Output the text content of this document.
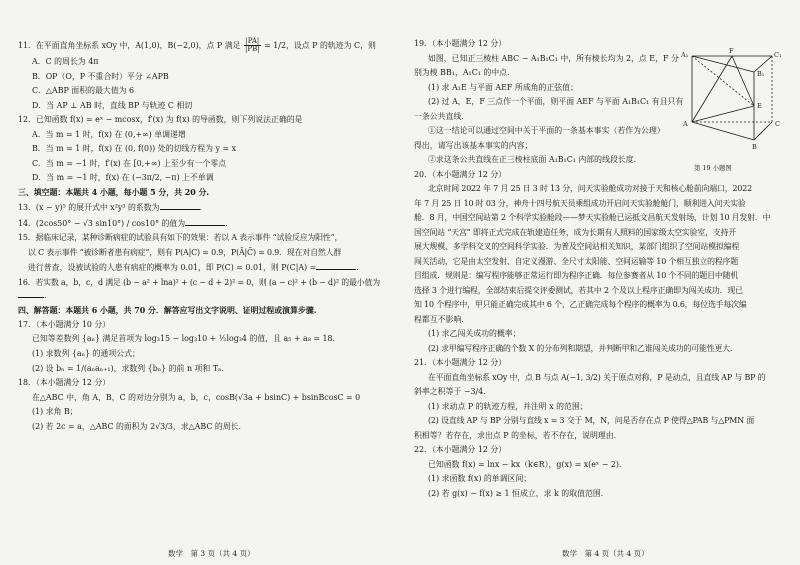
11．在平面直角坐标系 xOy 中，A(1,0)，B(−2,0)，点 P 满足 $\frac{|PA|}{|PB|} = 1/2$，设点 P 的轨迹为 C，则

A．C 的周长为 4π

B．OP（O，P 不重合时）平分 ∠APB

C．△ABP 面积的最大值为 6

D．当 AP ⊥ AB 时，直线 BP 与轨迹 C 相切

12．已知函数 f(x) = eˣ − mcosx，f′(x) 为 f(x) 的导函数，则下列说法正确的是

A．当 m = 1 时，f(x) 在 (0,+∞) 单调递增

B．当 m = 1 时，f(x) 在 (0, f(0)) 处的切线方程为 y = x

C．当 m = −1 时，f′(x) 在 [0,+∞) 上至少有一个零点

D．当 m = −1 时，f(x) 在 (−3π/2, −π) 上不单调

三、填空题：本题共 4 小题，每小题 5 分，共 20 分.

13．(x − y)⁵ 的展开式中 x²y³ 的系数为	.

14．(2cos50° − √3 sin10°) / cos10° 的值为	.

15．据临床记录，某种诊断病症的试验具有如下的效果：若以 A 表示事件 “试验反应为阳性”，

以 C 表示事件 “被诊断者患有病症”，则有 P(A|C) = 0.9，P(Ā|C̄) = 0.9．现在对自然人群

进行普查，设被试验的人患有病症的概率为 0.01，即 P(C) = 0.01，则 P(C|A) =	.

16．若实数 a，b，c，d 满足 (b − a² + lna)² + (c − d + 2)² = 0，则 (a − c)² + (b − d)² 的最小值为.

四、解答题：本题共 6 小题，共 70 分．解答应写出文字说明、证明过程或演算步骤.

17．（本小题满分 10 分）

已知等差数列 {aₙ} 满足首项为 log₃15 − log₃10 + ½log₃4 的值，且 a₅ + a₈ = 18．

(1) 求数列 {aₙ} 的通项公式；

(2) 设 bₙ = 1/(aₙaₙ₊₁)，求数列 {bₙ} 的前 n 项和 Tₙ．

18．（本小题满分 12 分）

在△ABC 中，角 A，B，C 的对边分别为 a，b，c，cosB(√3a + bsinC) + bsinBcosC = 0

(1) 求角 B；

(2) 若 2c = a，△ABC 的面积为 2√3/3，求△ABC 的周长．

19．（本小题满分 12 分）

如图，已知正三棱柱 ABC − A₁B₁C₁ 中，所有棱长均为 2，点 E，F 分

别为棱 BB₁，A₁C₁ 的中点．

(1) 求 A₁E 与平面 AEF 所成角的正弦值；

(2) 过 A，E，F 三点作一个平面，则平面 AEF 与平面 A₁B₁C₁ 有且只有

一条公共直线．

①这一结论可以通过空间中关于平面的一条基本事实（若作为公理）

得出，请写出该基本事实的内容；

②求这条公共直线在正三棱柱底面 A₁B₁C₁ 内部的线段长度．

20．（本小题满分 12 分）

北京时间 2022 年 7 月 25 日 3 时 13 分，问天实验舱成功对接于天和核心舱前向端口，2022

年 7 月 25 日 10 时 03 分，神舟十四号航天员乘组成功开启问天实验舱舱门，顺利进入问天实验

舱．8 月，中国空间站第 2 个科学实验舱段——梦天实验舱已运抵文昌航天发射场，计划 10 月发射．中

国空间站 “天宫” 即将正式完成在轨建造任务，成为长期有人照料的国家级太空实验室，支持开

展大规模、多学科交叉的空间科学实验．为普及空间站相关知识，某部门组织了空间站模拟编程

闯关活动，它是由太空发射、自定义漫游、全尺寸太阳能、空间运输等 10 个相互独立的程序题

目组成．规则是：编写程序能够正常运行即为程序正确．每位参赛者从 10 个不同的题目中随机

选择 3 个进行编程，全部结束后提交评委测试，若其中 2 个及以上程序正确即为闯关成功．现已

知 10 个程序中，甲只能正确完成其中 6 个，乙正确完成每个程序的概率为 0.6，每位选手每次编

程都互不影响．

(1) 求乙闯关成功的概率；

(2) 求甲编写程序正确的个数 X 的分布列和期望，并判断甲和乙谁闯关成功的可能性更大．

21．（本小题满分 12 分）

在平面直角坐标系 xOy 中，点 B 与点 A(−1, 3/2) 关于原点对称，P 是动点，且直线 AP 与 BP 的

斜率之积等于 −3/4．

(1) 求动点 P 的轨迹方程，并注明 x 的范围；

(2) 设直线 AP 与 BP 分别与直线 x = 3 交于 M，N，问是否存在点 P 使得△PAB 与△PMN 面

积相等？若存在，求出点 P 的坐标，若不存在，说明理由．

22．（本小题满分 12 分）

已知函数 f(x) = lnx − kx（k∈R），g(x) = x(eˣ − 2)．

(1) 求函数 f(x) 的单调区间；

(2) 若 g(x) − f(x) ≥ 1 恒成立，求 k 的取值范围．

A₁	F	C₁
B₁
E
A	C
B
第 19 小题图
数学　第 3 页（共 4 页）	数学　第 4 页（共 4 页）
